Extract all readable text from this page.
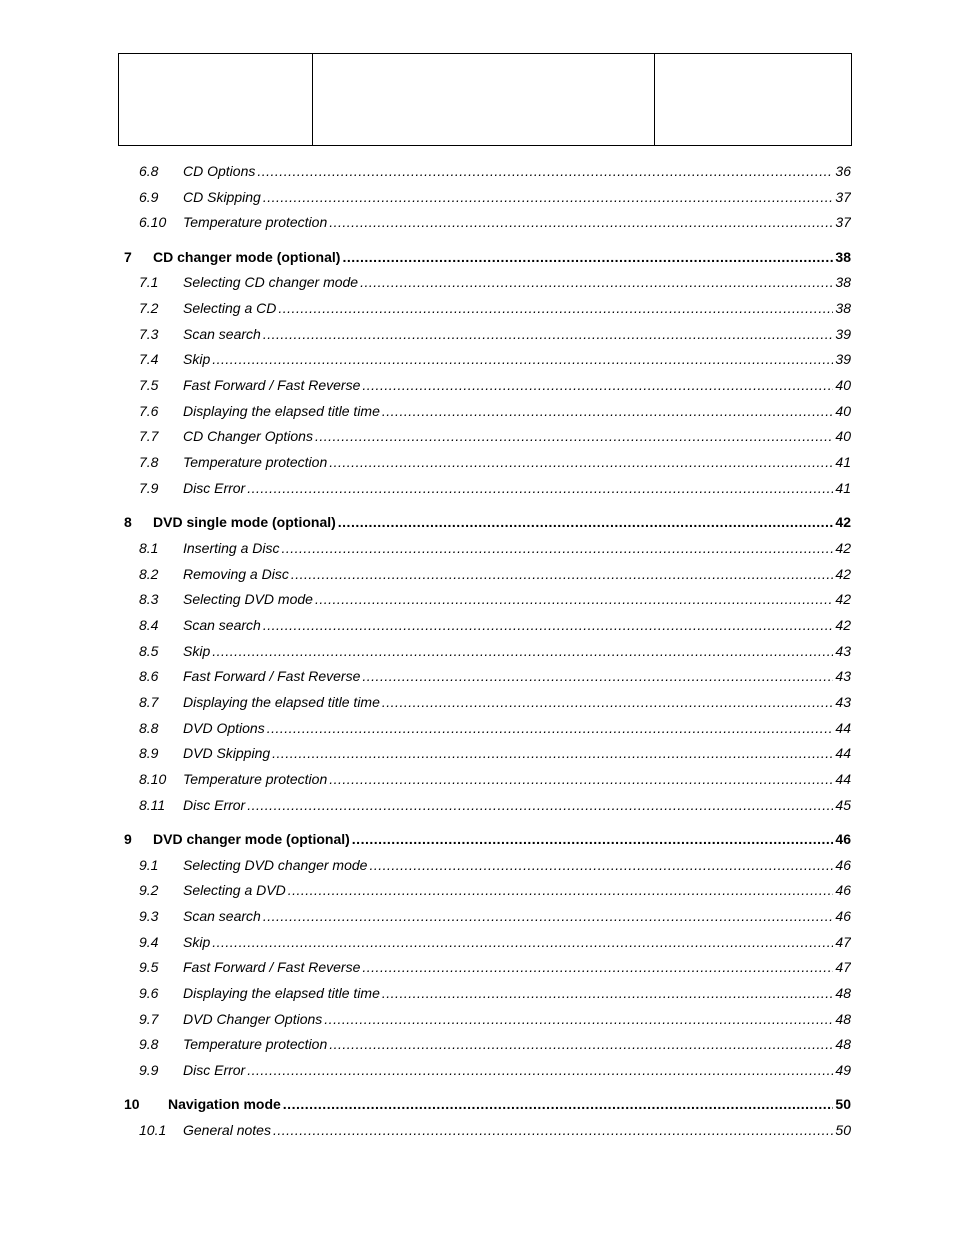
6.8 CD Options .....	36
6.9 CD Skipping .....	37
6.10 Temperature protection .....	37
7 CD changer mode (optional) .....	38
7.1 Selecting CD changer mode .....	38
7.2 Selecting a CD .....	38
7.3 Scan search .....	39
7.4 Skip .....	39
7.5 Fast Forward / Fast Reverse .....	40
7.6 Displaying the elapsed title time .....	40
7.7 CD Changer Options .....	40
7.8 Temperature protection .....	41
7.9 Disc Error .....	41
8 DVD single mode (optional) .....	42
8.1 Inserting a Disc .....	42
8.2 Removing a Disc .....	42
8.3 Selecting DVD mode .....	42
8.4 Scan search .....	42
8.5 Skip .....	43
8.6 Fast Forward / Fast Reverse .....	43
8.7 Displaying the elapsed title time .....	43
8.8 DVD Options .....	44
8.9 DVD Skipping .....	44
8.10 Temperature protection .....	44
8.11 Disc Error .....	45
9 DVD changer mode (optional) .....	46
9.1 Selecting DVD changer mode .....	46
9.2 Selecting a DVD .....	46
9.3 Scan search .....	46
9.4 Skip .....	47
9.5 Fast Forward / Fast Reverse .....	47
9.6 Displaying the elapsed title time .....	48
9.7 DVD Changer Options .....	48
9.8 Temperature protection .....	48
9.9 Disc Error .....	49
10 Navigation mode .....	50
10.1 General notes .....	50
